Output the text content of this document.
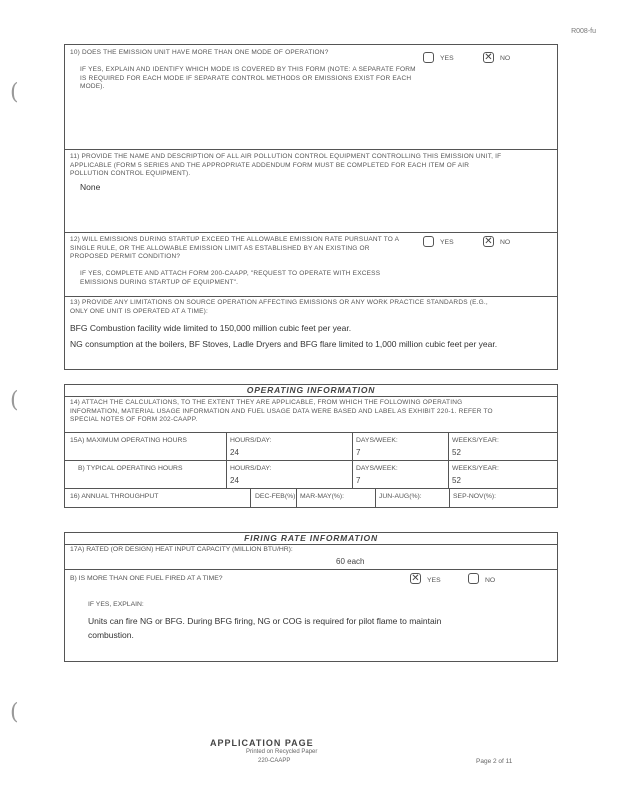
R008-fu
(
(
(
10) DOES THE EMISSION UNIT HAVE MORE THAN ONE MODE OF OPERATION?
YES	✕ NO
IF YES, EXPLAIN AND IDENTIFY WHICH MODE IS COVERED BY THIS FORM (NOTE: A SEPARATE FORM IS REQUIRED FOR EACH MODE IF SEPARATE CONTROL METHODS OR EMISSIONS EXIST FOR EACH MODE).
11) PROVIDE THE NAME AND DESCRIPTION OF ALL AIR POLLUTION CONTROL EQUIPMENT CONTROLLING THIS EMISSION UNIT, IF APPLICABLE (FORM 5 SERIES AND THE APPROPRIATE ADDENDUM FORM MUST BE COMPLETED FOR EACH ITEM OF AIR POLLUTION CONTROL EQUIPMENT).
None
12) WILL EMISSIONS DURING STARTUP EXCEED THE ALLOWABLE EMISSION RATE PURSUANT TO A SINGLE RULE, OR THE ALLOWABLE EMISSION LIMIT AS ESTABLISHED BY AN EXISTING OR PROPOSED PERMIT CONDITION?
YES	✕ NO
IF YES, COMPLETE AND ATTACH FORM 200-CAAPP, "REQUEST TO OPERATE WITH EXCESS EMISSIONS DURING STARTUP OF EQUIPMENT".
13) PROVIDE ANY LIMITATIONS ON SOURCE OPERATION AFFECTING EMISSIONS OR ANY WORK PRACTICE STANDARDS (E.G., ONLY ONE UNIT IS OPERATED AT A TIME):
BFG Combustion facility wide limited to 150,000 million cubic feet per year.
NG consumption at the boilers, BF Stoves, Ladle Dryers and BFG flare limited to 1,000 million cubic feet per year.
OPERATING INFORMATION
14) ATTACH THE CALCULATIONS, TO THE EXTENT THEY ARE APPLICABLE, FROM WHICH THE FOLLOWING OPERATING INFORMATION, MATERIAL USAGE INFORMATION AND FUEL USAGE DATA WERE BASED AND LABEL AS EXHIBIT 220-1. REFER TO SPECIAL NOTES OF FORM 202-CAAPP.
15A) MAXIMUM OPERATING HOURS	HOURS/DAY:
24
DAYS/WEEK:
7
WEEKS/YEAR:
52
B) TYPICAL OPERATING HOURS	HOURS/DAY:
24
DAYS/WEEK:
7
WEEKS/YEAR:
52
16) ANNUAL THROUGHPUT	DEC-FEB(%): MAR-MAY(%):	JUN-AUG(%):	SEP-NOV(%):
FIRING RATE INFORMATION
17A) RATED (OR DESIGN) HEAT INPUT CAPACITY (MILLION BTU/HR):
60 each
B) IS MORE THAN ONE FUEL FIRED AT A TIME?	✕ YES	NO
IF YES, EXPLAIN:
Units can fire NG or BFG. During BFG firing, NG or COG is required for pilot flame to maintain
combustion.
APPLICATION PAGE
Printed on Recycled Paper
220-CAAPP	Page 2 of 11
